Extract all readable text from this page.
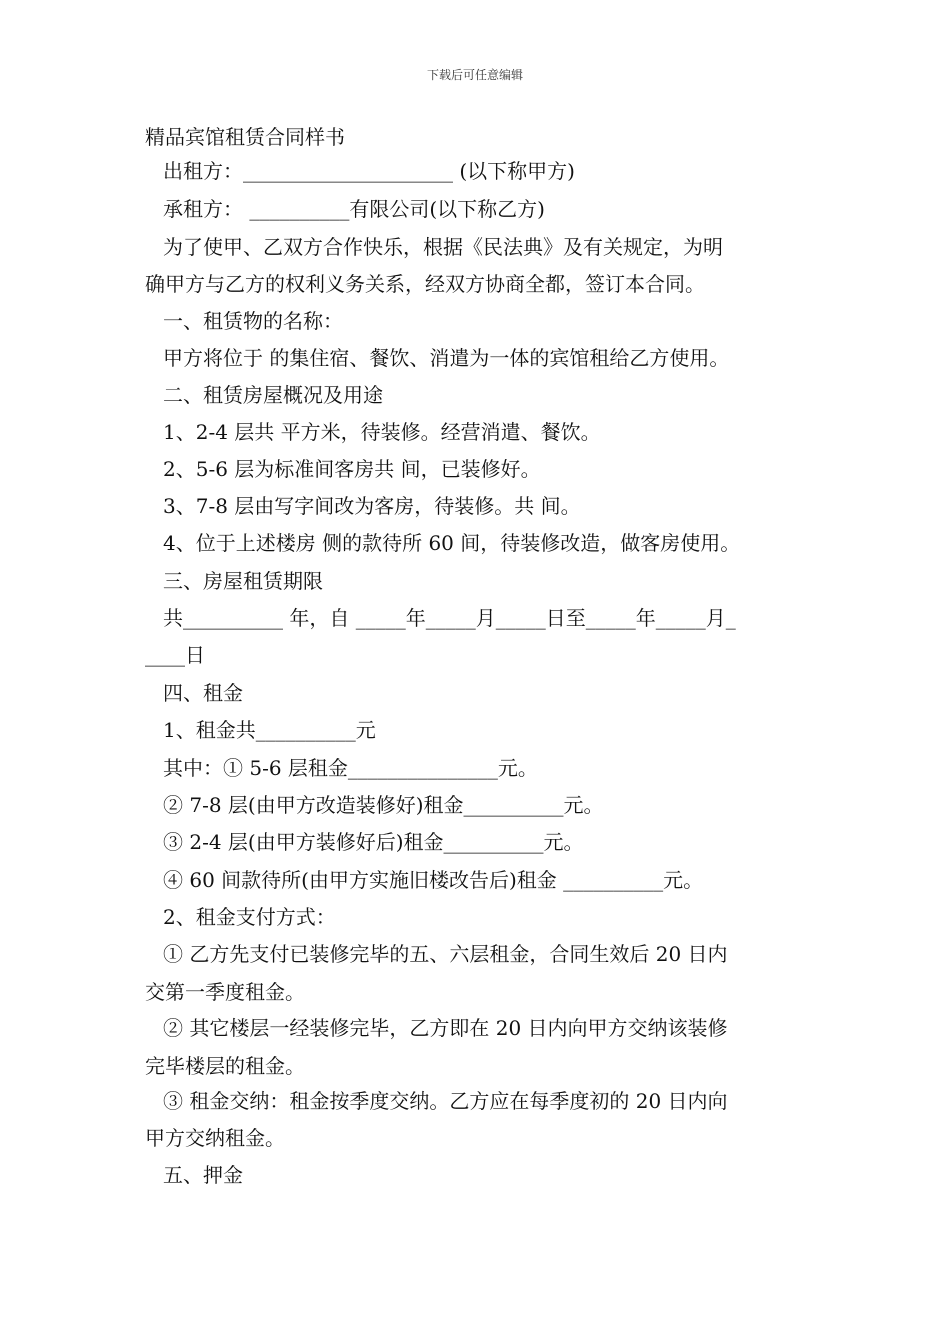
下载后可任意编辑
精品宾馆租赁合同样书
出租方：_____________________ (以下称甲方)
承租方： __________有限公司(以下称乙方)
为了使甲、乙双方合作快乐，根据《民法典》及有关规定，为明
确甲方与乙方的权利义务关系，经双方协商全都，签订本合同。
一、租赁物的名称：
甲方将位于 的集住宿、餐饮、消遣为一体的宾馆租给乙方使用。
二、租赁房屋概况及用途
1、2-4 层共 平方米，待装修。经营消遣、餐饮。
2、5-6 层为标准间客房共 间，已装修好。
3、7-8 层由写字间改为客房，待装修。共 间。
4、位于上述楼房 侧的款待所 60 间，待装修改造，做客房使用。
三、房屋租赁期限
共__________ 年，自 _____年_____月_____日至_____年_____月_
____日
四、租金
1、租金共__________元
其中：① 5-6 层租金_______________元。
② 7-8 层(由甲方改造装修好)租金__________元。
③ 2-4 层(由甲方装修好后)租金__________元。
④ 60 间款待所(由甲方实施旧楼改告后)租金 __________元。
2、租金支付方式：
① 乙方先支付已装修完毕的五、六层租金，合同生效后 20 日内
交第一季度租金。
② 其它楼层一经装修完毕，乙方即在 20 日内向甲方交纳该装修
完毕楼层的租金。
③ 租金交纳：租金按季度交纳。乙方应在每季度初的 20 日内向
甲方交纳租金。
五、押金
